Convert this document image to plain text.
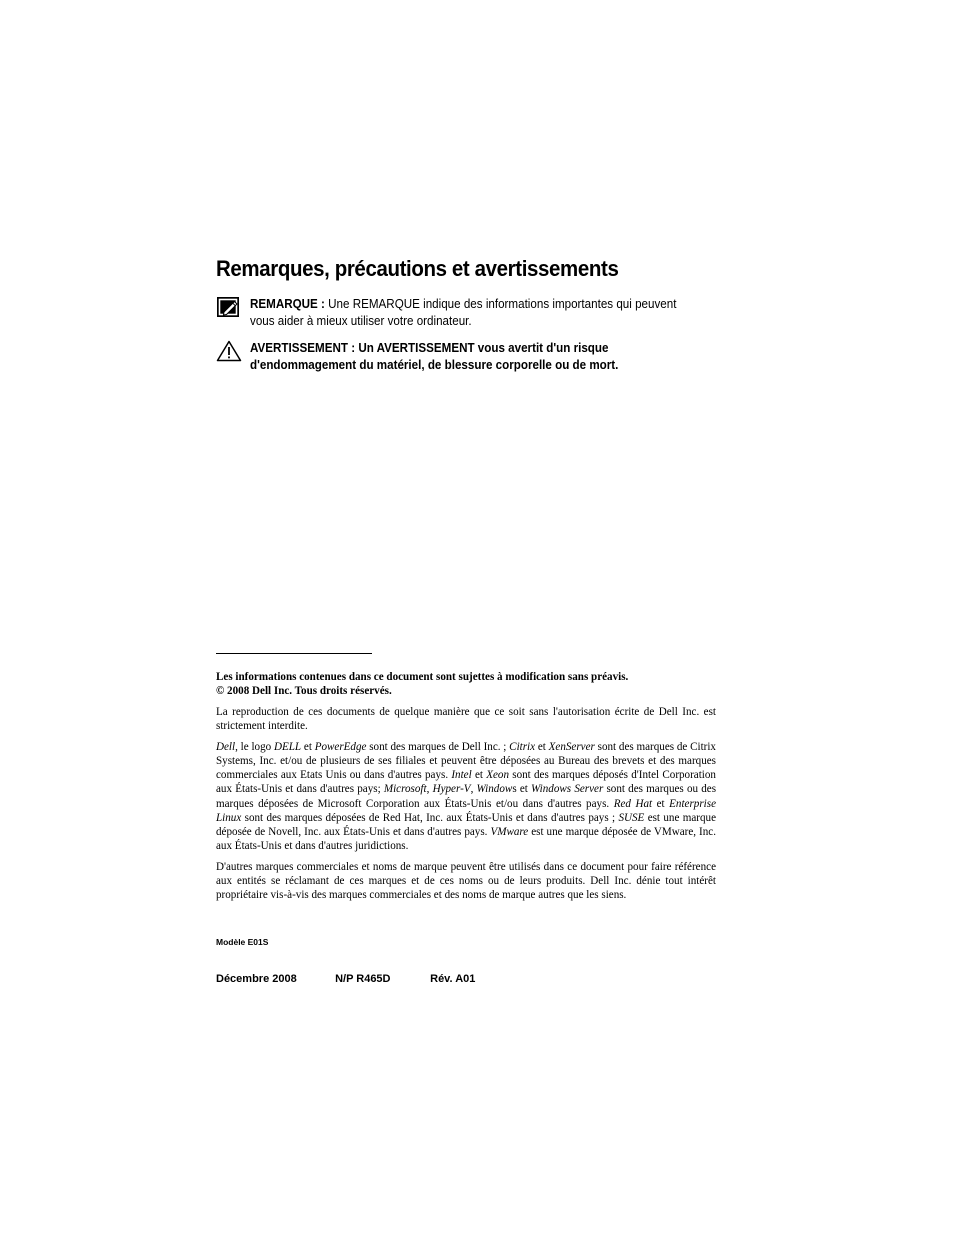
Remarques, précautions et avertissements
REMARQUE : Une REMARQUE indique des informations importantes qui peuvent vous aider à mieux utiliser votre ordinateur.
AVERTISSEMENT : Un AVERTISSEMENT vous avertit d'un risque d'endommagement du matériel, de blessure corporelle ou de mort.

Les informations contenues dans ce document sont sujettes à modification sans préavis.
© 2008 Dell Inc. Tous droits réservés.

La reproduction de ces documents de quelque manière que ce soit sans l'autorisation écrite de Dell Inc. est strictement interdite.

Dell, le logo DELL et PowerEdge sont des marques de Dell Inc. ; Citrix et XenServer sont des marques de Citrix Systems, Inc. et/ou de plusieurs de ses filiales et peuvent être déposées au Bureau des brevets et des marques commerciales aux Etats Unis ou dans d'autres pays. Intel et Xeon sont des marques déposés d'Intel Corporation aux États-Unis et dans d'autres pays; Microsoft, Hyper-V, Windows et Windows Server sont des marques ou des marques déposées de Microsoft Corporation aux États-Unis et/ou dans d'autres pays. Red Hat et Enterprise Linux sont des marques déposées de Red Hat, Inc. aux États-Unis et dans d'autres pays ; SUSE est une marque déposée de Novell, Inc. aux États-Unis et dans d'autres pays. VMware est une marque déposée de VMware, Inc. aux États-Unis et dans d'autres juridictions.

D'autres marques commerciales et noms de marque peuvent être utilisés dans ce document pour faire référence aux entités se réclamant de ces marques et de ces noms ou de leurs produits. Dell Inc. dénie tout intérêt propriétaire vis-à-vis des marques commerciales et des noms de marque autres que les siens.

Modèle E01S
Décembre 2008	N/P R465D	Rév. A01
